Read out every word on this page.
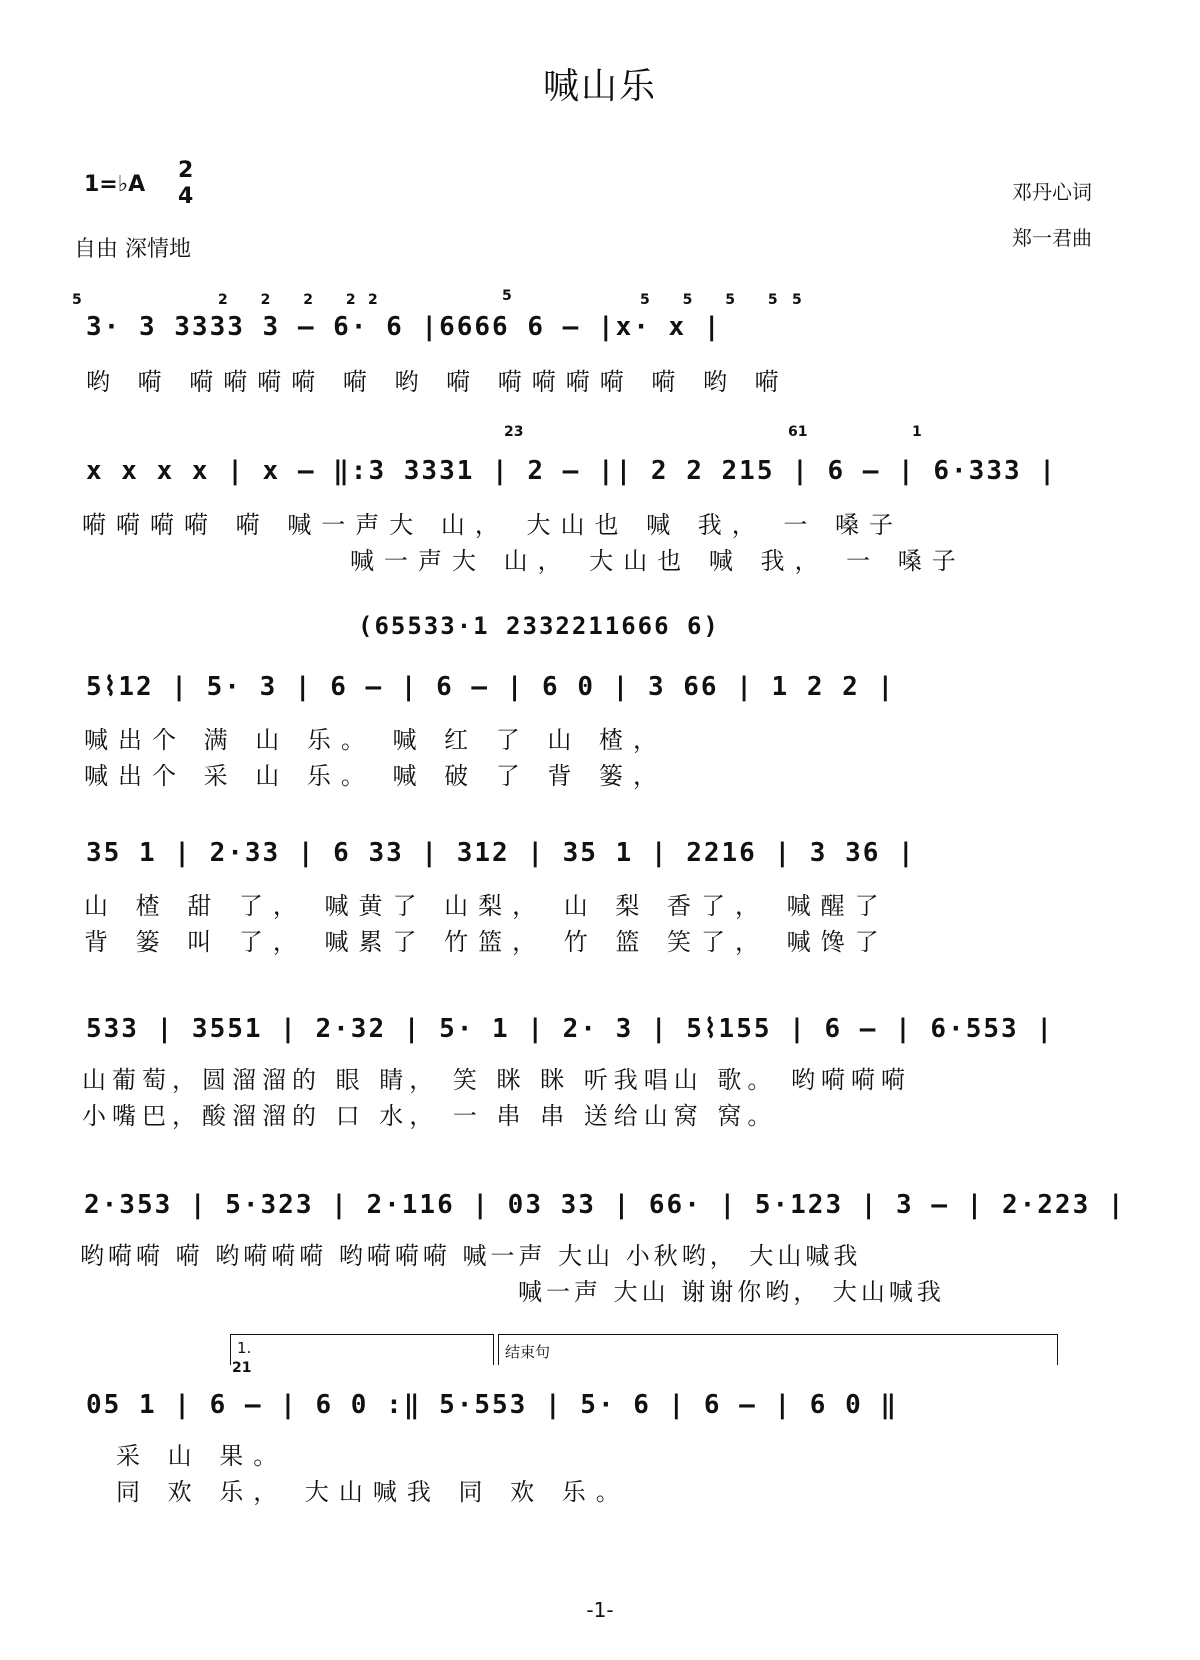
喊山乐
1=♭A
2
4
自由 深情地
邓丹心词
郑一君曲
5	2 2 2 2
2	5	5 5 5 5 5
3· 3 3333 3 – 6· 6 |6666 6 – |x· x |
哟 嗬 嗬嗬嗬嗬 嗬 哟 嗬 嗬嗬嗬嗬 嗬 哟 嗬
23	61	1
x x x x | x – ‖:3 3331 | 2 – || 2 2 215 | 6 – | 6·333 |
嗬嗬嗬嗬 嗬 喊一声大 山， 大山也 喊 我， 一 嗓子
喊一声大 山， 大山也 喊 我， 一 嗓子
(65533·1 2332211666 6)
5⌇12 | 5· 3 | 6 – | 6 – | 6 0 | 3 66 | 1 2 2 |
喊出个 满 山 乐。 喊 红 了 山 楂，
喊出个 采 山 乐。 喊 破 了 背 篓，
35 1 | 2·33 | 6 33 | 312 | 35 1 | 2216 | 3 36 |
山 楂 甜 了， 喊黄了 山梨， 山 梨 香了， 喊醒了
背 篓 叫 了， 喊累了 竹篮， 竹 篮 笑了， 喊馋了
533 | 3551 | 2·32 | 5· 1 | 2· 3 | 5⌇155 | 6 – | 6·553 |
山葡萄，圆溜溜的 眼 睛， 笑 眯 眯 听我唱山 歌。 哟嗬嗬嗬
小嘴巴，酸溜溜的 口 水， 一 串 串 送给山窝 窝。
2·353 | 5·323 | 2·116 | 03 33 | 66· | 5·123 | 3 – | 2·223 |
哟嗬嗬 嗬 哟嗬嗬嗬 哟嗬嗬嗬 喊一声 大山 小秋哟， 大山喊我
喊一声 大山 谢谢你哟， 大山喊我
1.	结束句
21
05 1 | 6 – | 6 0 :‖ 5·553 | 5· 6 | 6 – | 6 0 ‖
采 山 果。
同 欢 乐， 大山喊我 同 欢 乐。
-1-
